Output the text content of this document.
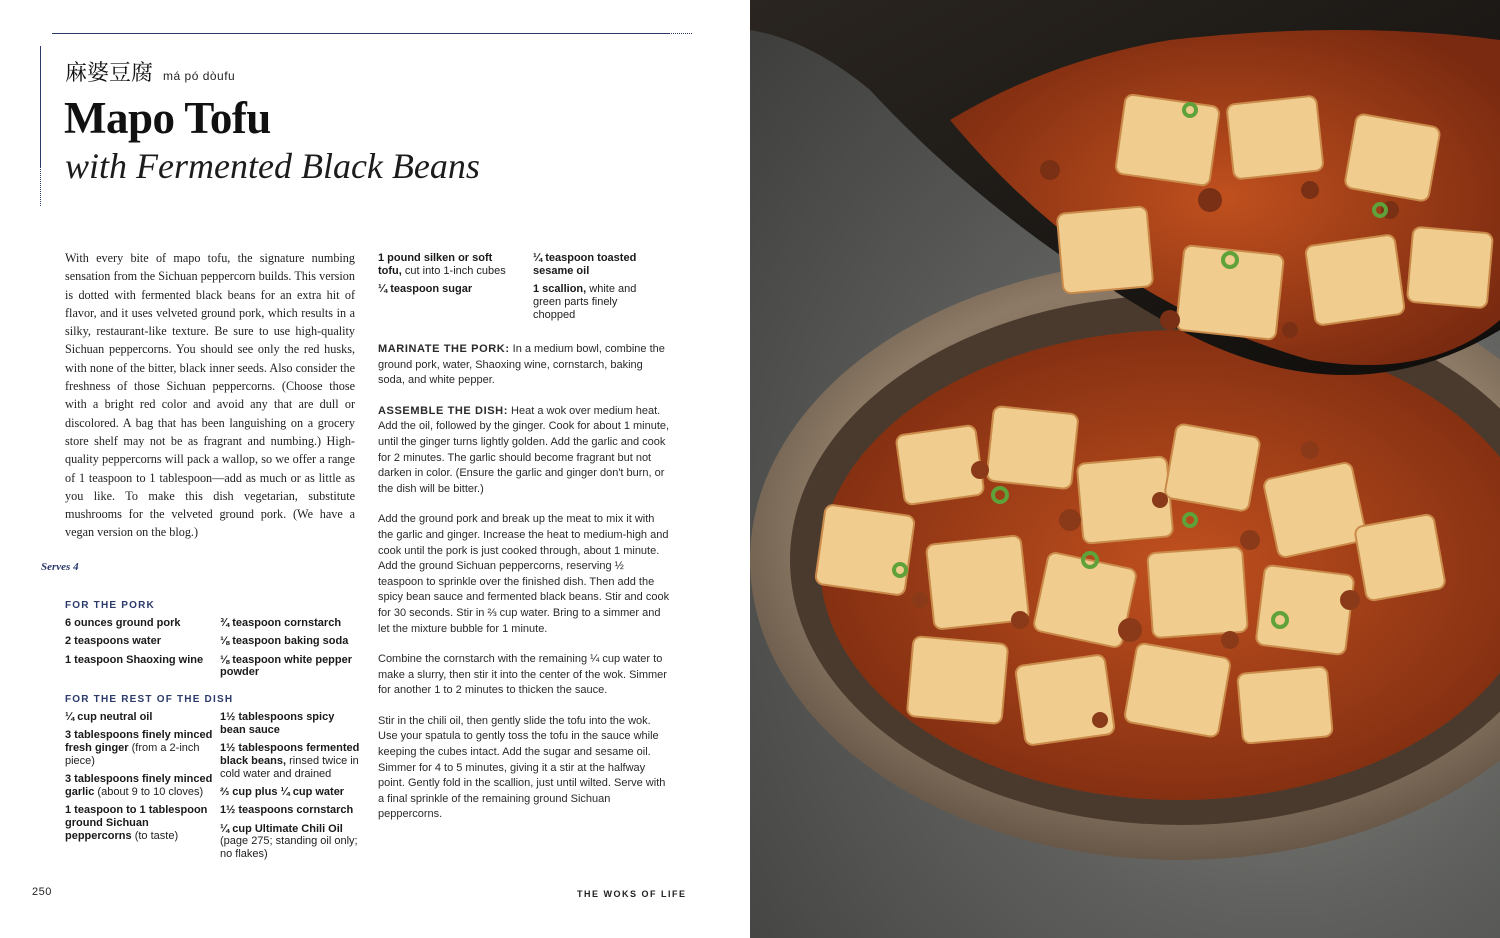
麻婆豆腐 má pó dòufu
Mapo Tofu
with Fermented Black Beans
With every bite of mapo tofu, the signature numbing sensation from the Sichuan peppercorn builds. This version is dotted with fermented black beans for an extra hit of flavor, and it uses velveted ground pork, which results in a silky, restaurant-like texture. Be sure to use high-quality Sichuan peppercorns. You should see only the red husks, with none of the bitter, black inner seeds. Also consider the freshness of those Sichuan peppercorns. (Choose those with a bright red color and avoid any that are dull or discolored. A bag that has been languishing on a grocery store shelf may not be as fragrant and numbing.) High-quality peppercorns will pack a wallop, so we offer a range of 1 teaspoon to 1 tablespoon—add as much or as little as you like. To make this dish vegetarian, substitute mushrooms for the velveted ground pork. (We have a vegan version on the blog.)
Serves 4
FOR THE PORK
6 ounces ground pork
2 teaspoons water
1 teaspoon Shaoxing wine
¾ teaspoon cornstarch
⅛ teaspoon baking soda
⅛ teaspoon white pepper powder
FOR THE REST OF THE DISH
¼ cup neutral oil
3 tablespoons finely minced fresh ginger (from a 2-inch piece)
3 tablespoons finely minced garlic (about 9 to 10 cloves)
1 teaspoon to 1 tablespoon ground Sichuan peppercorns (to taste)
1½ tablespoons spicy bean sauce
1½ tablespoons fermented black beans, rinsed twice in cold water and drained
⅔ cup plus ¼ cup water
1½ teaspoons cornstarch
¼ cup Ultimate Chili Oil (page 275; standing oil only; no flakes)
1 pound silken or soft tofu, cut into 1-inch cubes
¼ teaspoon sugar
¼ teaspoon toasted sesame oil
1 scallion, white and green parts finely chopped

MARINATE THE PORK: In a medium bowl, combine the ground pork, water, Shaoxing wine, cornstarch, baking soda, and white pepper.

ASSEMBLE THE DISH: Heat a wok over medium heat. Add the oil, followed by the ginger. Cook for about 1 minute, until the ginger turns lightly golden. Add the garlic and cook for 2 minutes. The garlic should become fragrant but not darken in color. (Ensure the garlic and ginger don't burn, or the dish will be bitter.)

Add the ground pork and break up the meat to mix it with the garlic and ginger. Increase the heat to medium-high and cook until the pork is just cooked through, about 1 minute. Add the ground Sichuan peppercorns, reserving ½ teaspoon to sprinkle over the finished dish. Then add the spicy bean sauce and fermented black beans. Stir and cook for 30 seconds. Stir in ⅔ cup water. Bring to a simmer and let the mixture bubble for 1 minute.

Combine the cornstarch with the remaining ¼ cup water to make a slurry, then stir it into the center of the wok. Simmer for another 1 to 2 minutes to thicken the sauce.

Stir in the chili oil, then gently slide the tofu into the wok. Use your spatula to gently toss the tofu in the sauce while keeping the cubes intact. Add the sugar and sesame oil. Simmer for 4 to 5 minutes, giving it a stir at the halfway point. Gently fold in the scallion, just until wilted. Serve with a final sprinkle of the remaining ground Sichuan peppercorns.

250	THE WOKS OF LIFE
